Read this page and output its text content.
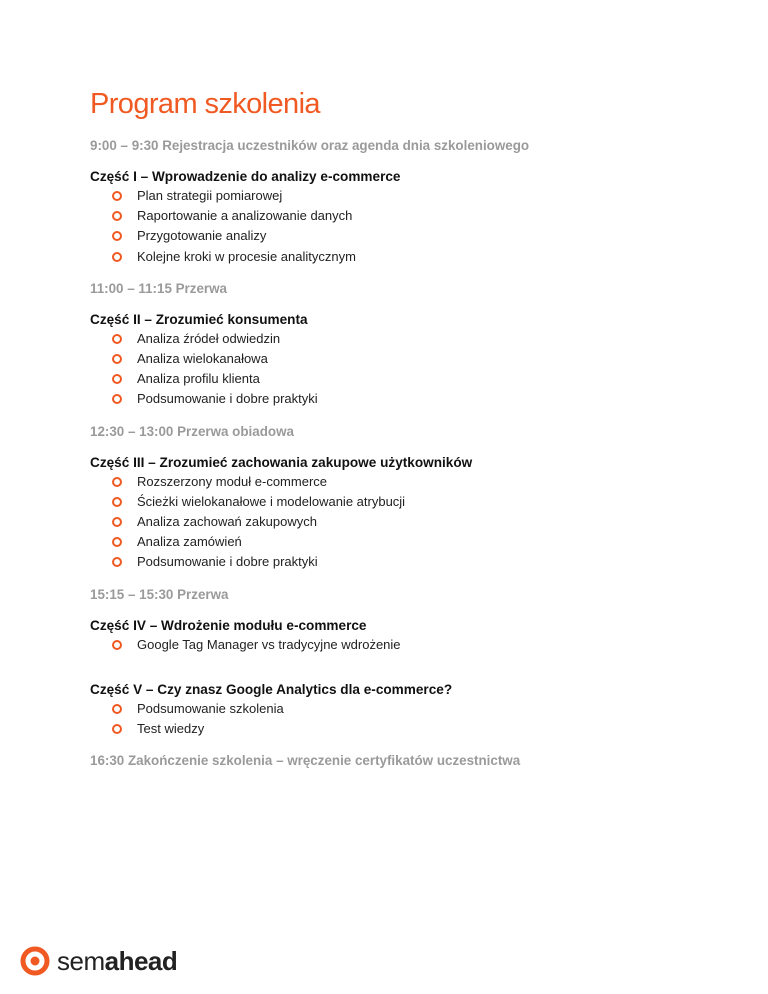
Program szkolenia
9:00 – 9:30 Rejestracja uczestników oraz agenda dnia szkoleniowego
Część I – Wprowadzenie do analizy e-commerce
Plan strategii pomiarowej
Raportowanie a analizowanie danych
Przygotowanie analizy
Kolejne kroki w procesie analitycznym
11:00 – 11:15 Przerwa
Część II – Zrozumieć konsumenta
Analiza źródeł odwiedzin
Analiza wielokanałowa
Analiza profilu klienta
Podsumowanie i dobre praktyki
12:30 – 13:00 Przerwa obiadowa
Część III – Zrozumieć zachowania zakupowe użytkowników
Rozszerzony moduł e-commerce
Ścieżki wielokanałowe i modelowanie atrybucji
Analiza zachowań zakupowych
Analiza zamówień
Podsumowanie i dobre praktyki
15:15 – 15:30 Przerwa
Część IV – Wdrożenie modułu e-commerce
Google Tag Manager vs tradycyjne wdrożenie
Część V – Czy znasz Google Analytics dla e-commerce?
Podsumowanie szkolenia
Test wiedzy
16:30 Zakończenie szkolenia – wręczenie certyfikatów uczestnictwa
semahead
